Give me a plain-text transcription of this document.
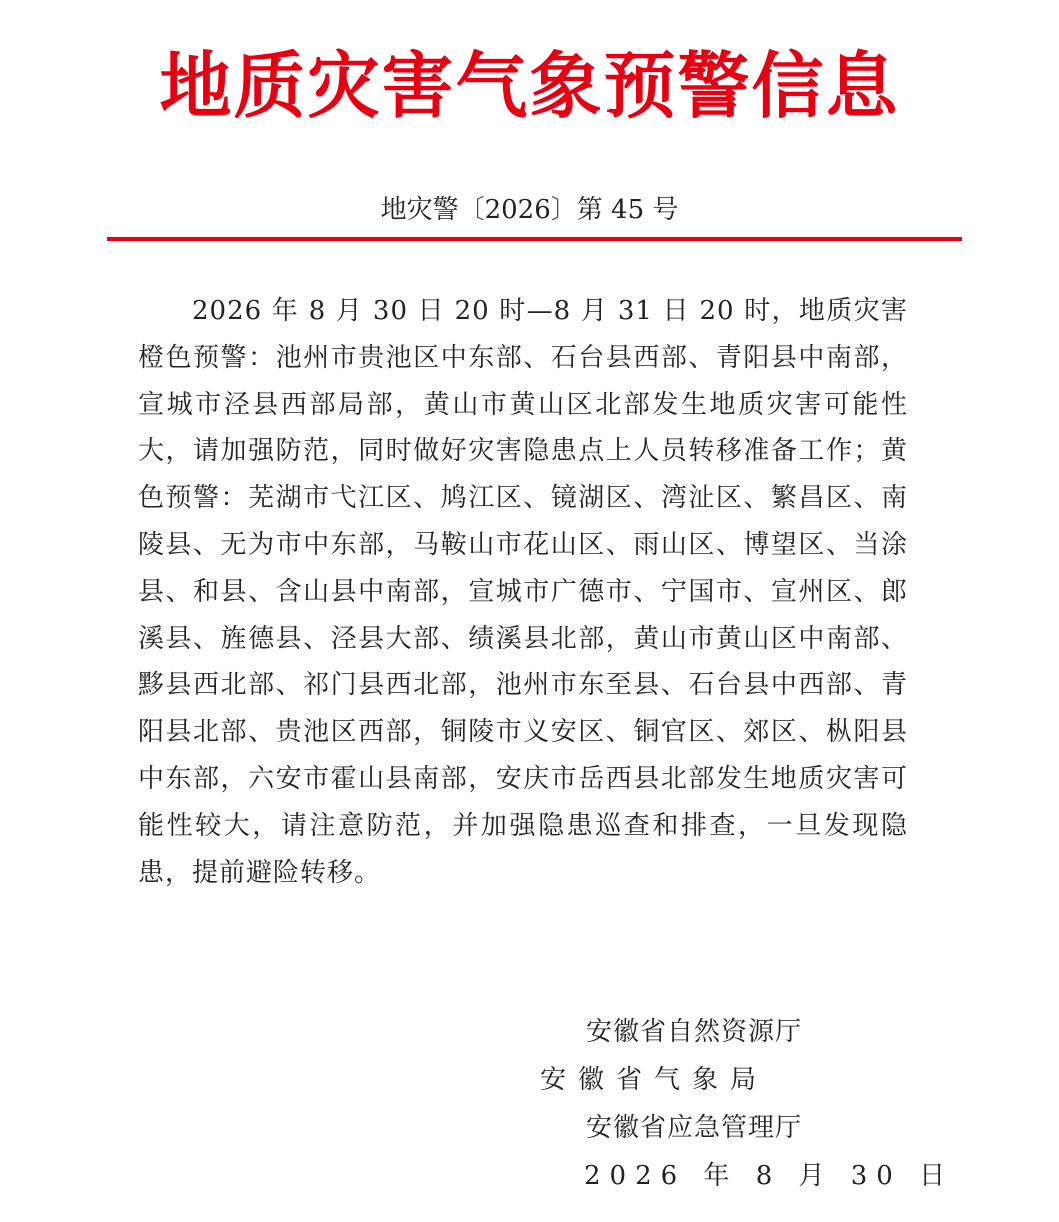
地质灾害气象预警信息
地灾警〔2026〕第 45 号
2026 年 8 月 30 日 20 时—8 月 31 日 20 时，地质灾害橙色预警：池州市贵池区中东部、石台县西部、青阳县中南部，宣城市泾县西部局部，黄山市黄山区北部发生地质灾害可能性大，请加强防范，同时做好灾害隐患点上人员转移准备工作；黄色预警：芜湖市弋江区、鸠江区、镜湖区、湾沚区、繁昌区、南陵县、无为市中东部，马鞍山市花山区、雨山区、博望区、当涂县、和县、含山县中南部，宣城市广德市、宁国市、宣州区、郎溪县、旌德县、泾县大部、绩溪县北部，黄山市黄山区中南部、黟县西北部、祁门县西北部，池州市东至县、石台县中西部、青阳县北部、贵池区西部，铜陵市义安区、铜官区、郊区、枞阳县中东部，六安市霍山县南部，安庆市岳西县北部发生地质灾害可能性较大，请注意防范，并加强隐患巡查和排查，一旦发现隐患，提前避险转移。
安徽省自然资源厅
安徽省气象局
安徽省应急管理厅
2026 年 8 月 30 日
